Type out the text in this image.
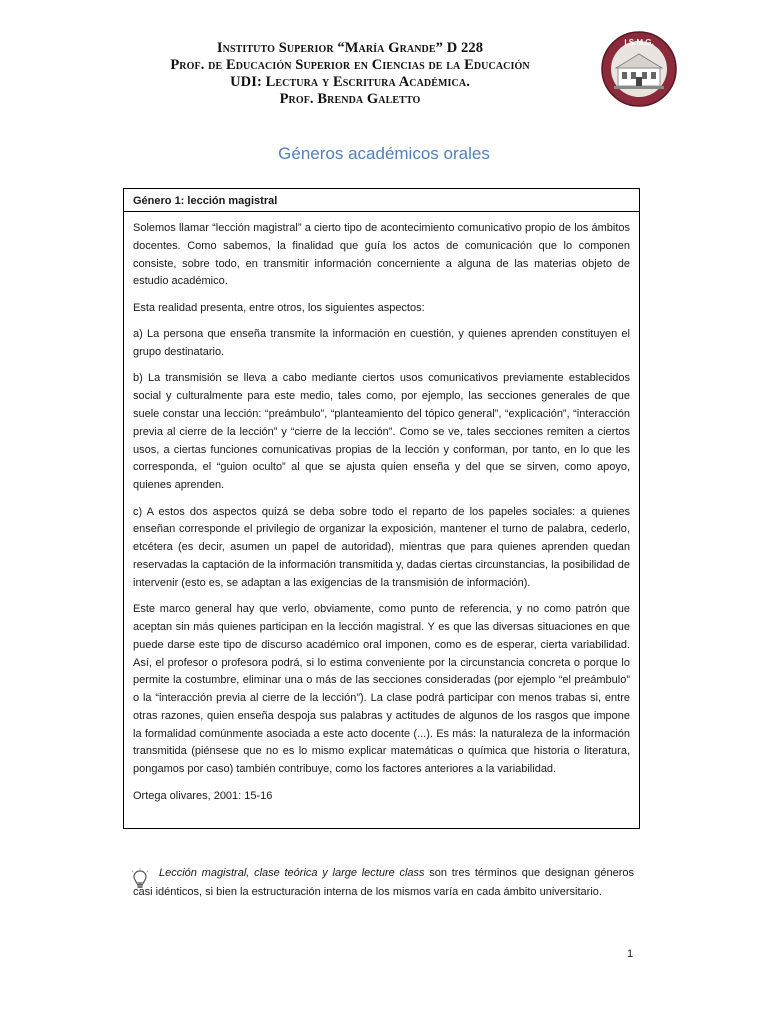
Instituto Superior “María Grande” D 228
Prof. de Educación Superior en Ciencias de la Educación
UDI: Lectura y Escritura Académica.
Prof. Brenda Galetto
I.S.M.G.
Géneros académicos orales
Género 1: lección magistral

Solemos llamar “lección magistral” a cierto tipo de acontecimiento comunicativo propio de los ámbitos docentes. Como sabemos, la finalidad que guía los actos de comunicación que lo componen consiste, sobre todo, en transmitir información concerniente a alguna de las materias objeto de estudio académico.

Esta realidad presenta, entre otros, los siguientes aspectos:

a) La persona que enseña transmite la información en cuestión, y quienes aprenden constituyen el grupo destinatario.

b) La transmisión se lleva a cabo mediante ciertos usos comunicativos previamente establecidos social y culturalmente para este medio, tales como, por ejemplo, las secciones generales de que suele constar una lección: “preámbulo”, “planteamiento del tópico general”, “explicación”, “interacción previa al cierre de la lección” y “cierre de la lección”. Como se ve, tales secciones remiten a ciertos usos, a ciertas funciones comunicativas propias de la lección y conforman, por tanto, en lo que les corresponda, el “guion oculto” al que se ajusta quien enseña y del que se sirven, como apoyo, quienes aprenden.

c) A estos dos aspectos quizá se deba sobre todo el reparto de los papeles sociales: a quienes enseñan corresponde el privilegio de organizar la exposición, mantener el turno de palabra, cederlo, etcétera (es decir, asumen un papel de autoridad), mientras que para quienes aprenden quedan reservadas la captación de la información transmitida y, dadas ciertas circunstancias, la posibilidad de intervenir (esto es, se adaptan a las exigencias de la transmisión de información).

Este marco general hay que verlo, obviamente, como punto de referencia, y no como patrón que aceptan sin más quienes participan en la lección magistral. Y es que las diversas situaciones en que puede darse este tipo de discurso académico oral imponen, como es de esperar, cierta variabilidad. Así, el profesor o profesora podrá, si lo estima conveniente por la circunstancia concreta o porque lo permite la costumbre, eliminar una o más de las secciones consideradas (por ejemplo “el preámbulo” o la “interacción previa al cierre de la lección”). La clase podrá participar con menos trabas si, entre otras razones, quien enseña despoja sus palabras y actitudes de algunos de los rasgos que impone la formalidad comúnmente asociada a este acto docente (...). Es más: la naturaleza de la información transmitida (piénsese que no es lo mismo explicar matemáticas o química que historia o literatura, pongamos por caso) también contribuye, como los factores anteriores a la variabilidad.

Ortega olivares, 2001: 15-16

Lección magistral, clase teórica y large lecture class son tres términos que designan géneros casi idénticos, si bien la estructuración interna de los mismos varía en cada ámbito universitario.
1
